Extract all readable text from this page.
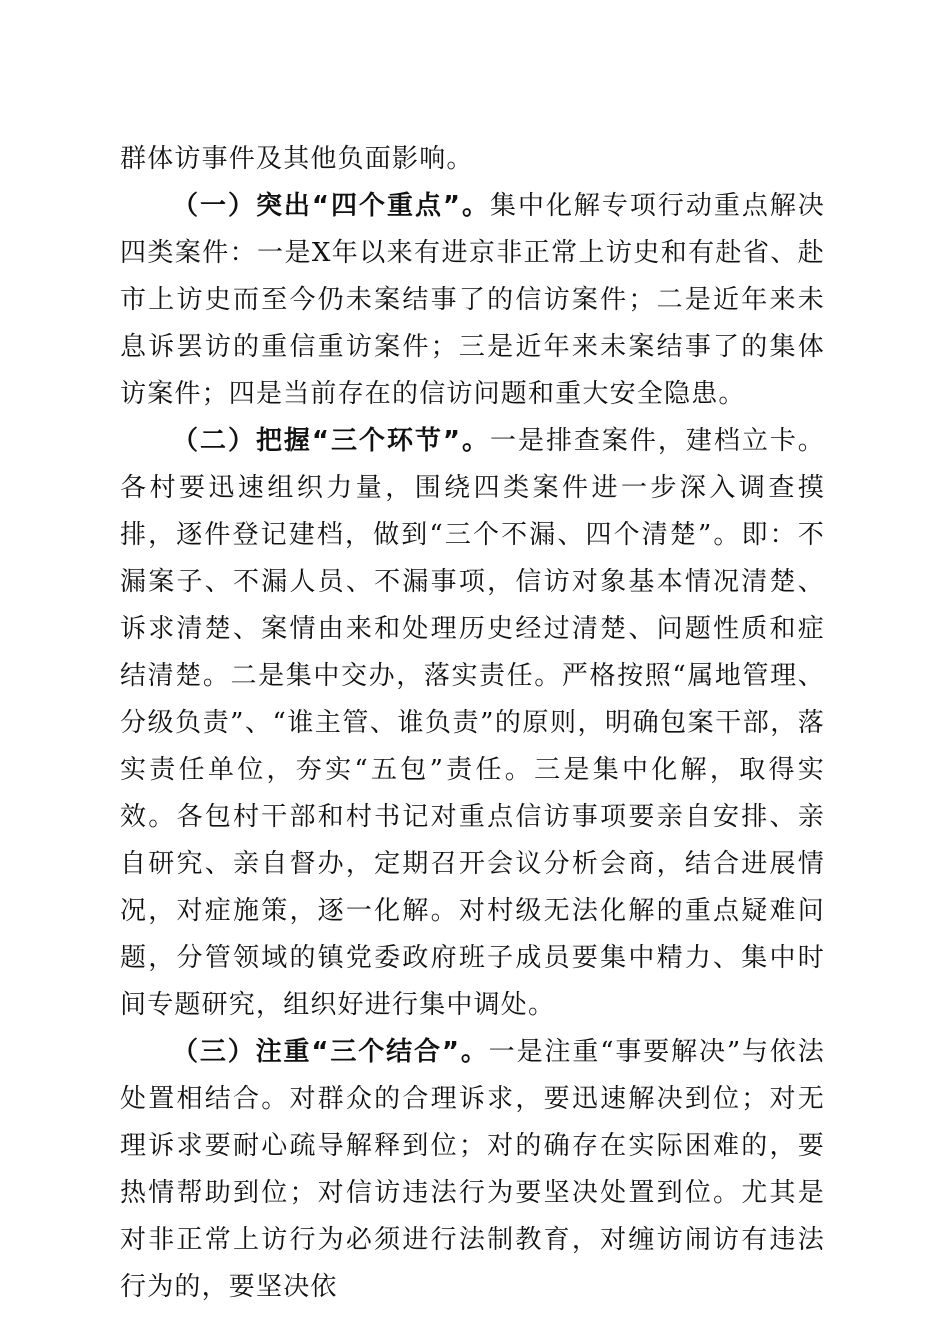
群体访事件及其他负面影响。

（一）突出“四个重点”。集中化解专项行动重点解决四类案件：一是X年以来有进京非正常上访史和有赴省、赴市上访史而至今仍未案结事了的信访案件；二是近年来未息诉罢访的重信重访案件；三是近年来未案结事了的集体访案件；四是当前存在的信访问题和重大安全隐患。

（二）把握“三个环节”。一是排查案件，建档立卡。各村要迅速组织力量，围绕四类案件进一步深入调查摸排，逐件登记建档，做到“三个不漏、四个清楚”。即：不漏案子、不漏人员、不漏事项，信访对象基本情况清楚、诉求清楚、案情由来和处理历史经过清楚、问题性质和症结清楚。二是集中交办，落实责任。严格按照“属地管理、分级负责”、“谁主管、谁负责”的原则，明确包案干部，落实责任单位，夯实“五包”责任。三是集中化解，取得实效。各包村干部和村书记对重点信访事项要亲自安排、亲自研究、亲自督办，定期召开会议分析会商，结合进展情况，对症施策，逐一化解。对村级无法化解的重点疑难问题，分管领域的镇党委政府班子成员要集中精力、集中时间专题研究，组织好进行集中调处。

（三）注重“三个结合”。一是注重“事要解决”与依法处置相结合。对群众的合理诉求，要迅速解决到位；对无理诉求要耐心疏导解释到位；对的确存在实际困难的，要热情帮助到位；对信访违法行为要坚决处置到位。尤其是对非正常上访行为必须进行法制教育，对缠访闹访有违法行为的，要坚决依
